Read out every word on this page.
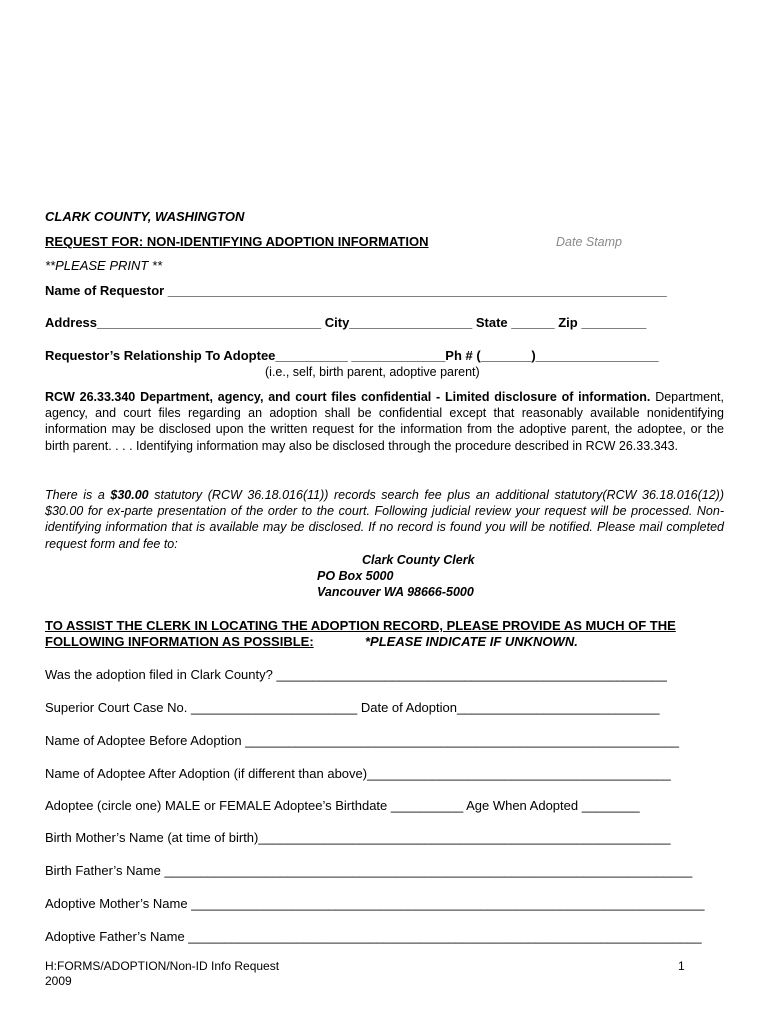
CLARK COUNTY, WASHINGTON
REQUEST FOR: NON-IDENTIFYING ADOPTION INFORMATION	Date Stamp
**PLEASE PRINT **
Name of Requestor _____________________________________________________________________
Address_______________________________ City_________________ State ______ Zip _________
Requestor’s Relationship To Adoptee__________ _____________Ph # (_______)_________________
(i.e., self, birth parent, adoptive parent)
RCW 26.33.340 Department, agency, and court files confidential - Limited disclosure of information. Department, agency, and court files regarding an adoption shall be confidential except that reasonably available nonidentifying information may be disclosed upon the written request for the information from the adoptive parent, the adoptee, or the birth parent. . . . Identifying information may also be disclosed through the procedure described in RCW 26.33.343.
There is a $30.00 statutory (RCW 36.18.016(11)) records search fee plus an additional statutory(RCW 36.18.016(12)) $30.00 for ex-parte presentation of the order to the court. Following judicial review your request will be processed. Non-identifying information that is available may be disclosed. If no record is found you will be notified. Please mail completed request form and fee to:
Clark County Clerk
PO Box 5000
Vancouver WA 98666-5000
TO ASSIST THE CLERK IN LOCATING THE ADOPTION RECORD, PLEASE PROVIDE AS MUCH OF THE
FOLLOWING INFORMATION AS POSSIBLE:	*PLEASE INDICATE IF UNKNOWN.
Was the adoption filed in Clark County? ______________________________________________________
Superior Court Case No. _______________________ Date of Adoption____________________________
Name of Adoptee Before Adoption ____________________________________________________________
Name of Adoptee After Adoption (if different than above)__________________________________________
Adoptee (circle one) MALE or FEMALE Adoptee’s Birthdate __________ Age When Adopted ________
Birth Mother’s Name (at time of birth)_________________________________________________________
Birth Father’s Name _________________________________________________________________________
Adoptive Mother’s Name _______________________________________________________________________
Adoptive Father’s Name _______________________________________________________________________
H:FORMS/ADOPTION/Non-ID Info Request
2009
1
